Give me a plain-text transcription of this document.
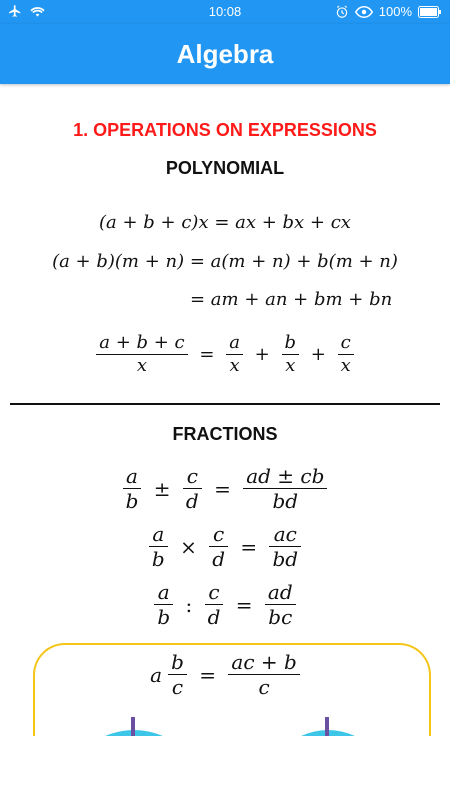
10:08	100%
Algebra
1. OPERATIONS ON EXPRESSIONS
POLYNOMIAL
(a + b + c)x = ax + bx + cx
(a + b)(m + n) = a(m + n) + b(m + n)
= am + an + bm + bn
$\frac{a + b + c}{x} = \frac{a}{x} + \frac{b}{x} + \frac{c}{x}$
FRACTIONS
$\frac{a}{b} \pm \frac{c}{d} = \frac{ad \pm cb}{bd}$
$\frac{a}{b} \times \frac{c}{d} = \frac{ac}{bd}$
$\frac{a}{b}$ : $\frac{c}{d} = \frac{ad}{bc}$
a $\frac{b}{c} = \frac{ac + b}{c}$
